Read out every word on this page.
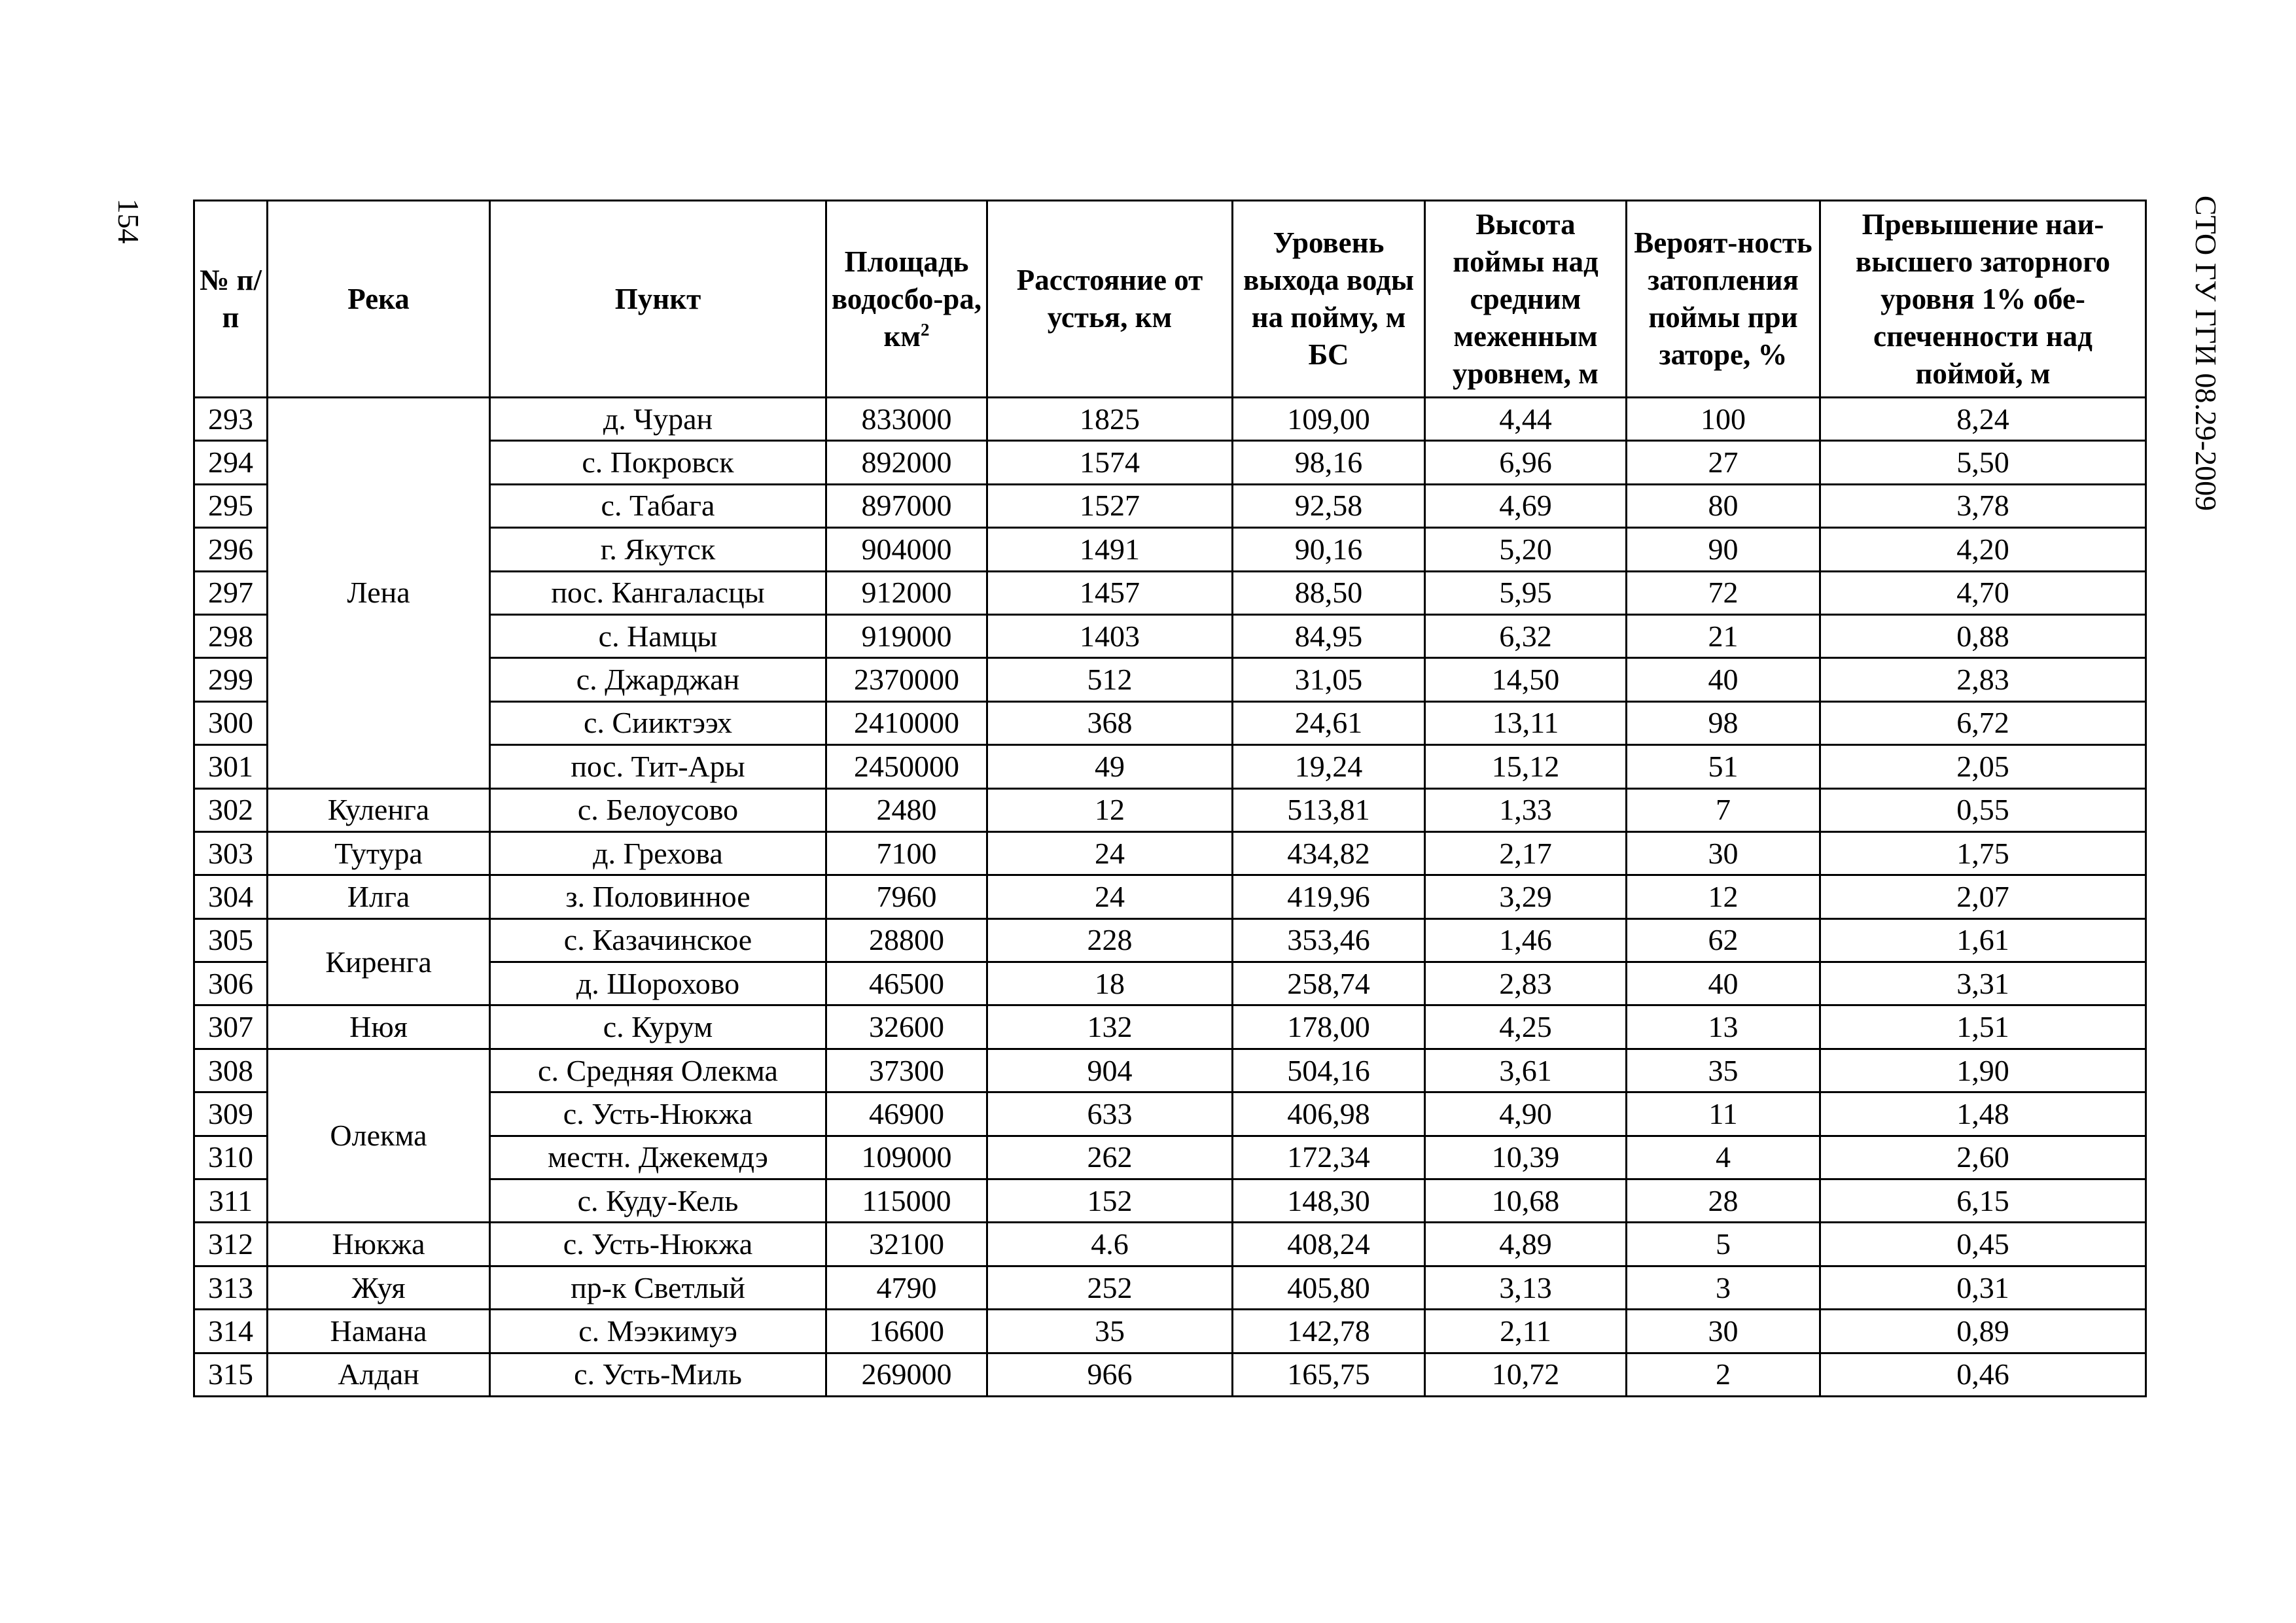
154	СТО ГУ ГГИ 08.29-2009
№ п/п	Река	Пункт	Площадь водосбо-ра, $км^2$	Расстояние от устья, км	Уровень выхода воды на пойму, м БС	Высота поймы над средним меженным уровнем, м	Вероят-ность затопления поймы при заторе, %	Превышение наи-высшего заторного уровня 1% обе-спеченности над поймой, м
293	Лена	д. Чуран	833000	1825	109,00	4,44	100	8,24
294		с. Покровск	892000	1574	98,16	6,96	27	5,50
295		с. Табага	897000	1527	92,58	4,69	80	3,78
296		г. Якутск	904000	1491	90,16	5,20	90	4,20
297		пос. Кангаласцы	912000	1457	88,50	5,95	72	4,70
298		с. Намцы	919000	1403	84,95	6,32	21	0,88
299		с. Джарджан	2370000	512	31,05	14,50	40	2,83
300		с. Сииктээх	2410000	368	24,61	13,11	98	6,72
301		пос. Тит-Ары	2450000	49	19,24	15,12	51	2,05
302	Куленга	с. Белоусово	2480	12	513,81	1,33	7	0,55
303	Тутура	д. Грехова	7100	24	434,82	2,17	30	1,75
304	Илга	з. Половинное	7960	24	419,96	3,29	12	2,07
305	Киренга	с. Казачинское	28800	228	353,46	1,46	62	1,61
306		д. Шорохово	46500	18	258,74	2,83	40	3,31
307	Нюя	с. Курум	32600	132	178,00	4,25	13	1,51
308	Олекма	с. Средняя Олекма	37300	904	504,16	3,61	35	1,90
309		с. Усть-Нюкжа	46900	633	406,98	4,90	11	1,48
310		местн. Джекемдэ	109000	262	172,34	10,39	4	2,60
311		с. Куду-Кель	115000	152	148,30	10,68	28	6,15
312	Нюкжа	с. Усть-Нюкжа	32100	4.6	408,24	4,89	5	0,45
313	Жуя	пр-к Светлый	4790	252	405,80	3,13	3	0,31
314	Намана	с. Мээкимуэ	16600	35	142,78	2,11	30	0,89
315	Алдан	с. Усть-Миль	269000	966	165,75	10,72	2	0,46
